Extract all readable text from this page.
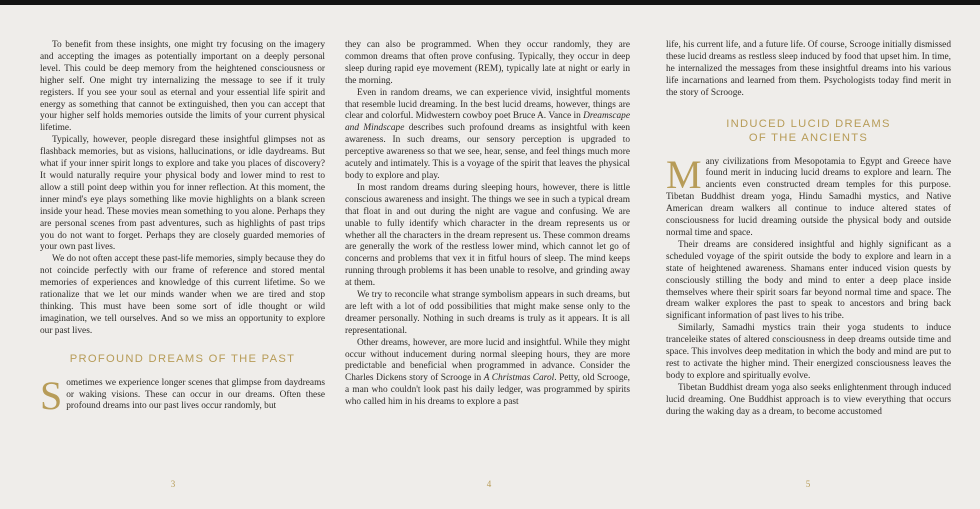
To benefit from these insights, one might try focusing on the imagery and accepting the images as potentially important on a deeply personal level. This could be deep memory from the heightened consciousness or higher self. One might try internalizing the message to see if it truly registers. If you see your soul as eternal and your essential life spirit and energy as something that cannot be extinguished, then you can accept that your higher self holds memories outside the limits of your current physical lifetime.

Typically, however, people disregard these insightful glimpses not as flashback memories, but as visions, hallucinations, or idle daydreams. But what if your inner spirit longs to explore and take you places of discovery? It would naturally require your physical body and lower mind to rest to allow a still point deep within you for inner reflection. At this moment, the inner mind's eye plays something like movie highlights on a blank screen inside your head. These movies mean something to you alone. Perhaps they are personal scenes from past adventures, such as highlights of past trips you do not want to forget. Perhaps they are closely guarded memories of your own past lives.

We do not often accept these past-life memories, simply because they do not coincide perfectly with our frame of reference and stored mental memories of experiences and knowledge of this current lifetime. So we rationalize that we let our minds wander when we are tired and stop thinking. This must have been some sort of idle thought or wild imagination, we tell ourselves. And so we miss an opportunity to explore our past lives.

PROFOUND DREAMS OF THE PAST

Sometimes we experience longer scenes that glimpse from daydreams or waking visions. These can occur in our dreams. Often these profound dreams into our past lives occur randomly, but

they can also be programmed. When they occur randomly, they are common dreams that often prove confusing. Typically, they occur in deep sleep during rapid eye movement (REM), typically late at night or early in the morning.

Even in random dreams, we can experience vivid, insightful moments that resemble lucid dreaming. In the best lucid dreams, however, things are clear and colorful. Midwestern cowboy poet Bruce A. Vance in Dreamscape and Mindscape describes such profound dreams as insightful with keen awareness. In such dreams, our sensory perception is upgraded to perceptive awareness so that we see, hear, sense, and feel things much more acutely and intimately. This is a voyage of the spirit that leaves the physical body to explore and play.

In most random dreams during sleeping hours, however, there is little conscious awareness and insight. The things we see in such a typical dream that float in and out during the night are vague and confusing. We are unable to fully identify which character in the dream represents us or whether all the characters in the dream represent us. These common dreams are generally the work of the restless lower mind, which cannot let go of concerns and problems that vex it in fitful hours of sleep. The mind keeps running through problems it has been unable to resolve, and grinding away at them.

We try to reconcile what strange symbolism appears in such dreams, but are left with a lot of odd possibilities that might make sense only to the dreamer personally. Nothing in such dreams is truly as it appears. It is all representational.

Other dreams, however, are more lucid and insightful. While they might occur without inducement during normal sleeping hours, they are more predictable and beneficial when programmed in advance. Consider the Charles Dickens story of Scrooge in A Christmas Carol. Petty, old Scrooge, a man who couldn't look past his daily ledger, was programmed by spirits who called him in his dreams to explore a past

life, his current life, and a future life. Of course, Scrooge initially dismissed these lucid dreams as restless sleep induced by food that upset him. In time, he internalized the messages from these insightful dreams into his various life incarnations and learned from them. Psychologists today find merit in the story of Scrooge.

INDUCED LUCID DREAMS
OF THE ANCIENTS

Many civilizations from Mesopotamia to Egypt and Greece have found merit in inducing lucid dreams to explore and learn. The ancients even constructed dream temples for this purpose. Tibetan Buddhist dream yoga, Hindu Samadhi mystics, and Native American dream walkers all continue to induce altered states of consciousness for lucid dreaming outside the physical body and outside normal time and space.

Their dreams are considered insightful and highly significant as a scheduled voyage of the spirit outside the body to explore and learn in a state of heightened awareness. Shamans enter induced vision quests by consciously stilling the body and mind to enter a deep place inside themselves where their spirit soars far beyond normal time and space. The dream walker explores the past to speak to ancestors and bring back significant information of past lives to his tribe.

Similarly, Samadhi mystics train their yoga students to induce tranceleike states of altered consciousness in deep dreams outside time and space. This involves deep meditation in which the body and mind are put to rest to activate the higher mind. Their energized consciousness leaves the body to explore and spiritually evolve.

Tibetan Buddhist dream yoga also seeks enlightenment through induced lucid dreaming. One Buddhist approach is to view everything that occurs during the waking day as a dream, to become accustomed

3	4	5
